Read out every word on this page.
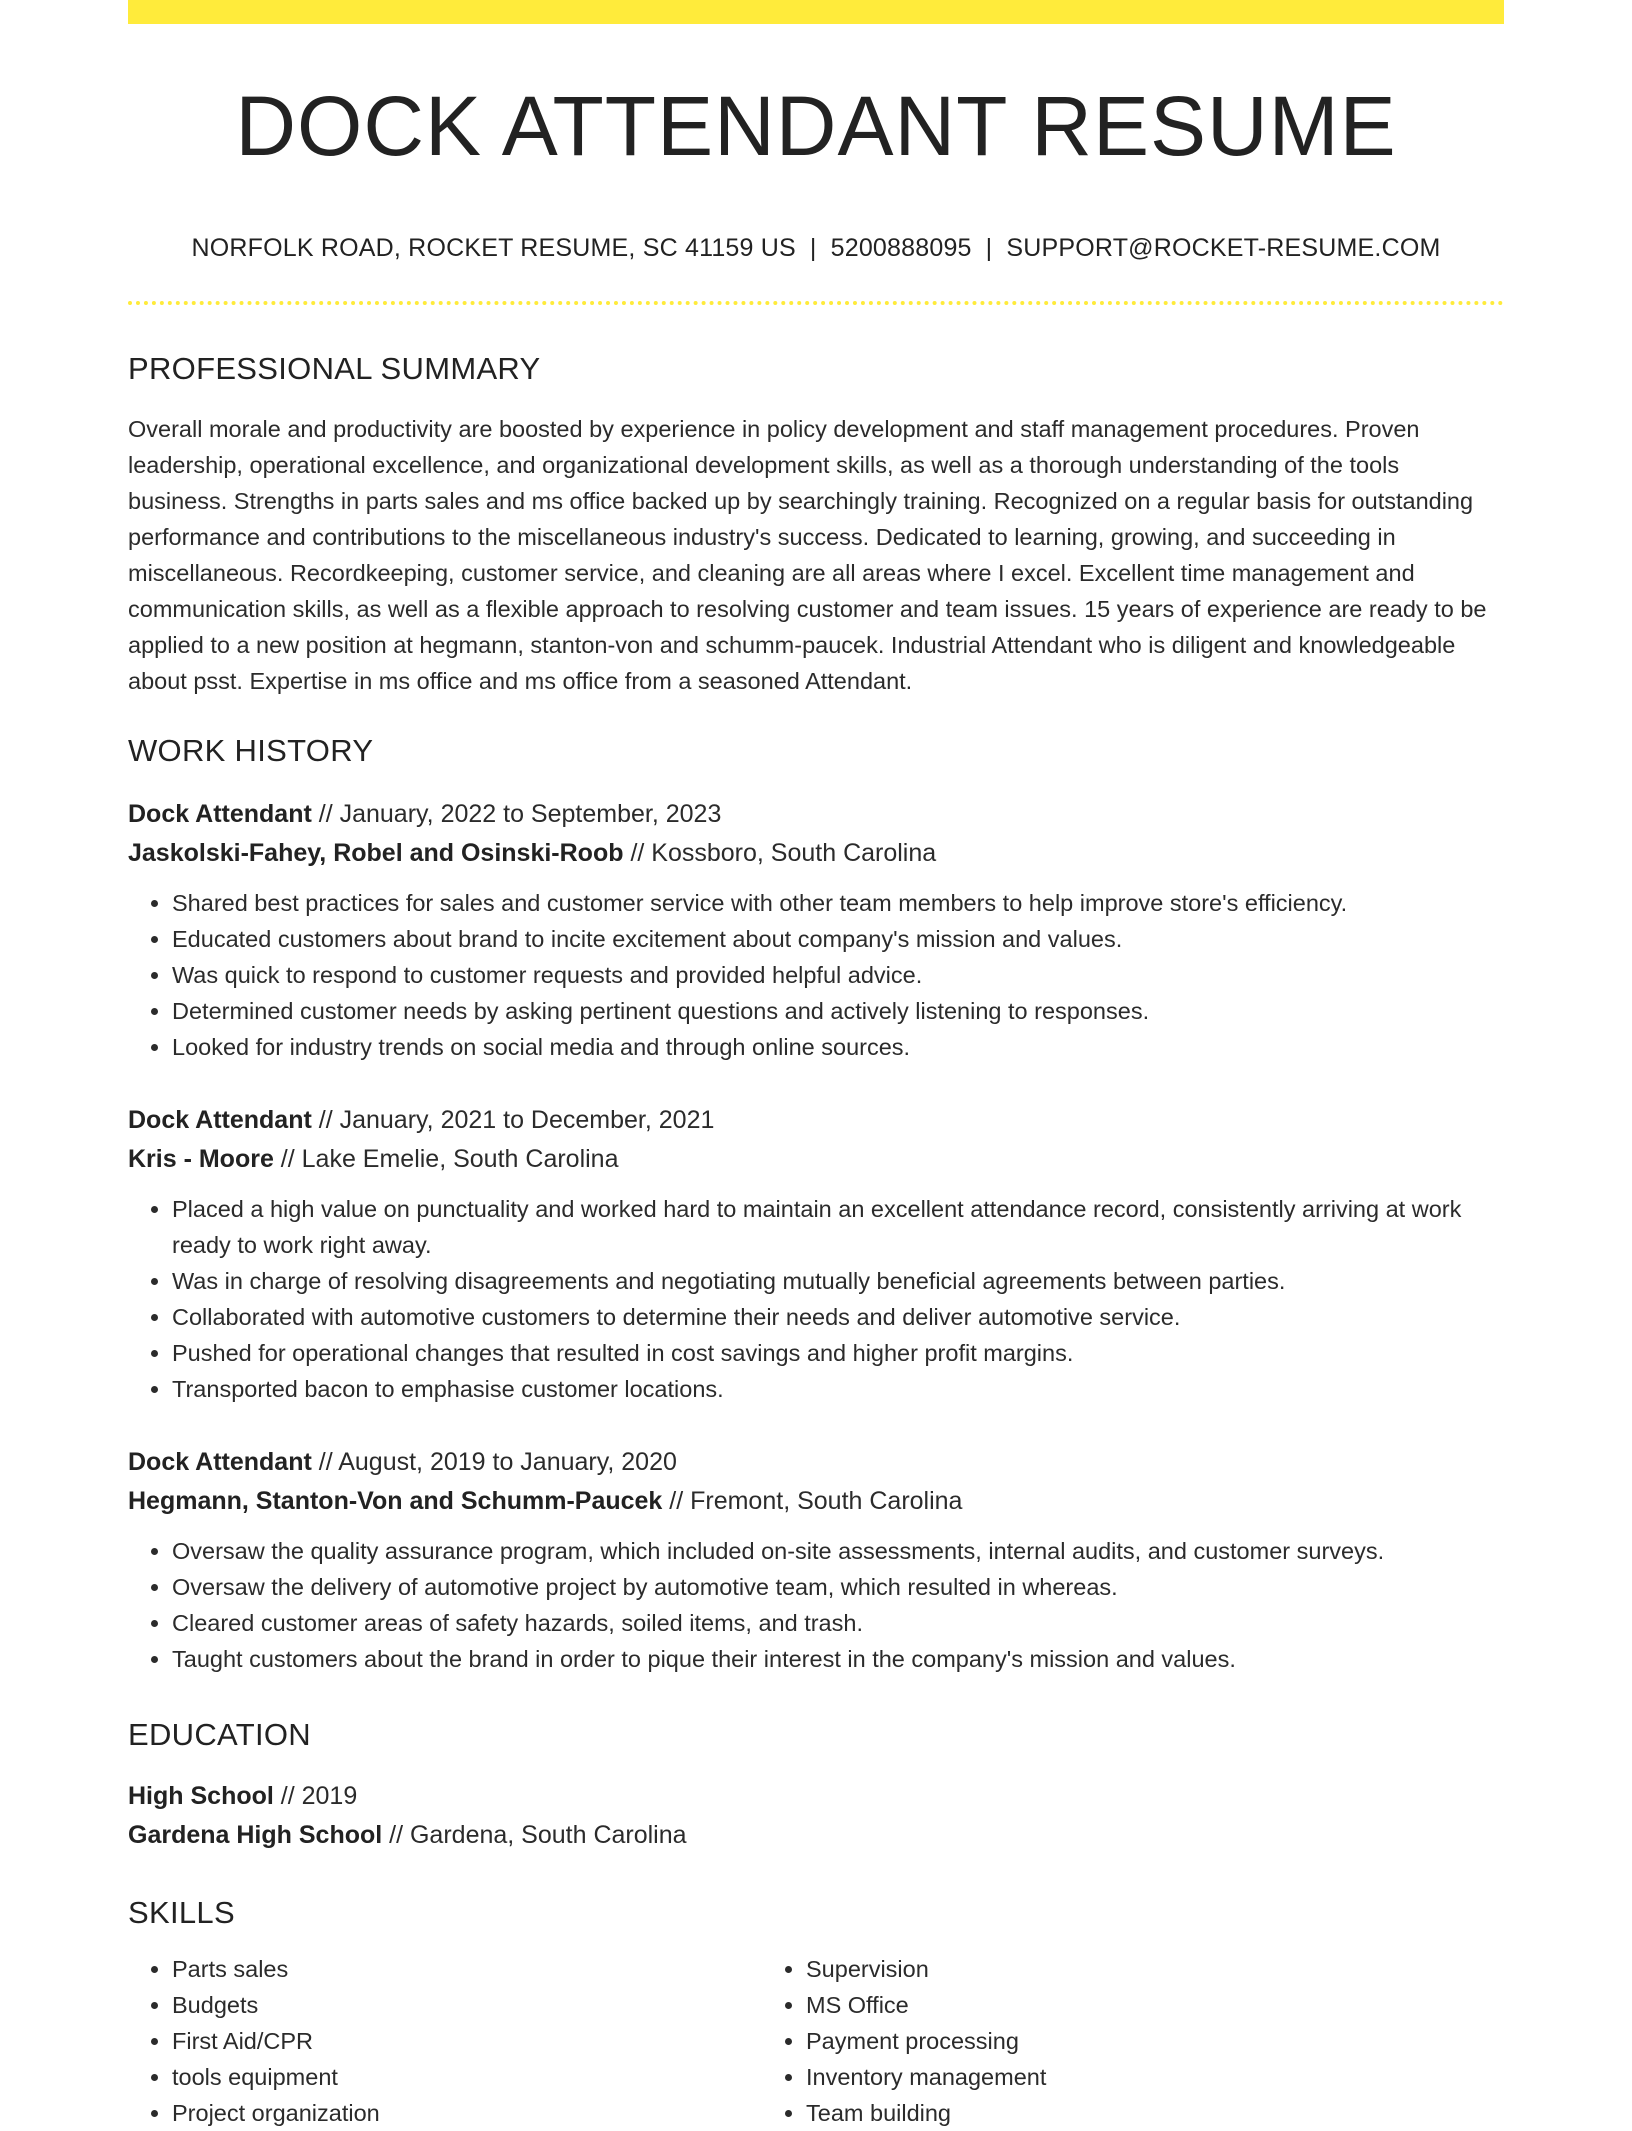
DOCK ATTENDANT RESUME
NORFOLK ROAD, ROCKET RESUME, SC 41159 US | 5200888095 | SUPPORT@ROCKET-RESUME.COM
PROFESSIONAL SUMMARY
Overall morale and productivity are boosted by experience in policy development and staff management procedures. Proven leadership, operational excellence, and organizational development skills, as well as a thorough understanding of the tools business. Strengths in parts sales and ms office backed up by searchingly training. Recognized on a regular basis for outstanding performance and contributions to the miscellaneous industry's success. Dedicated to learning, growing, and succeeding in miscellaneous. Recordkeeping, customer service, and cleaning are all areas where I excel. Excellent time management and communication skills, as well as a flexible approach to resolving customer and team issues. 15 years of experience are ready to be applied to a new position at hegmann, stanton-von and schumm-paucek. Industrial Attendant who is diligent and knowledgeable about psst. Expertise in ms office and ms office from a seasoned Attendant.
WORK HISTORY
Dock Attendant // January, 2022 to September, 2023
Jaskolski-Fahey, Robel and Osinski-Roob // Kossboro, South Carolina
• Shared best practices for sales and customer service with other team members to help improve store's efficiency.
• Educated customers about brand to incite excitement about company's mission and values.
• Was quick to respond to customer requests and provided helpful advice.
• Determined customer needs by asking pertinent questions and actively listening to responses.
• Looked for industry trends on social media and through online sources.
Dock Attendant // January, 2021 to December, 2021
Kris - Moore // Lake Emelie, South Carolina
• Placed a high value on punctuality and worked hard to maintain an excellent attendance record, consistently arriving at work ready to work right away.
• Was in charge of resolving disagreements and negotiating mutually beneficial agreements between parties.
• Collaborated with automotive customers to determine their needs and deliver automotive service.
• Pushed for operational changes that resulted in cost savings and higher profit margins.
• Transported bacon to emphasise customer locations.
Dock Attendant // August, 2019 to January, 2020
Hegmann, Stanton-Von and Schumm-Paucek // Fremont, South Carolina
• Oversaw the quality assurance program, which included on-site assessments, internal audits, and customer surveys.
• Oversaw the delivery of automotive project by automotive team, which resulted in whereas.
• Cleared customer areas of safety hazards, soiled items, and trash.
• Taught customers about the brand in order to pique their interest in the company's mission and values.
EDUCATION
High School // 2019
Gardena High School // Gardena, South Carolina
SKILLS
• Parts sales
• Budgets
• First Aid/CPR
• tools equipment
• Project organization
• Supervision
• MS Office
• Payment processing
• Inventory management
• Team building
